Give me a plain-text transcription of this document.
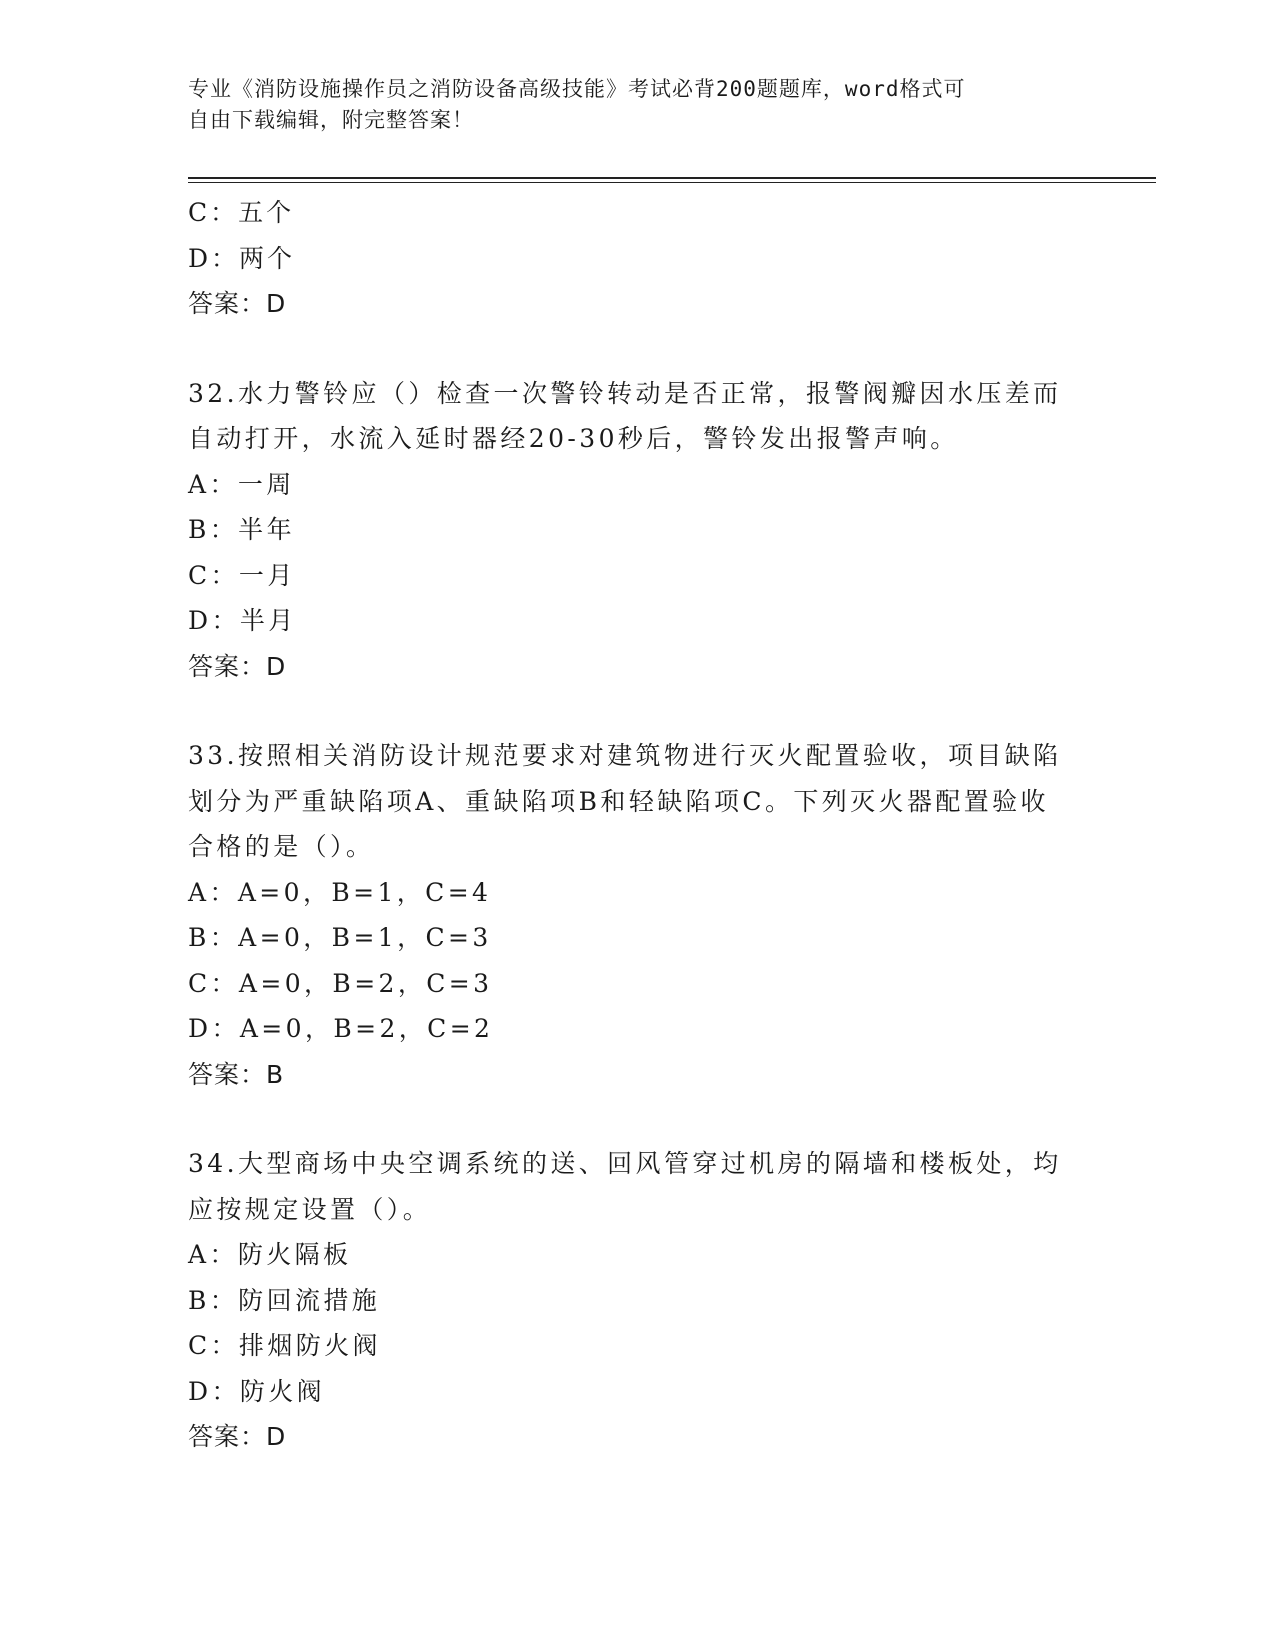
专业《消防设施操作员之消防设备高级技能》考试必背200题题库，word格式可
自由下载编辑，附完整答案！
C：五个
D：两个
答案：D
32.水力警铃应（）检查一次警铃转动是否正常，报警阀瓣因水压差而
自动打开，水流入延时器经20-30秒后，警铃发出报警声响。
A：一周
B：半年
C：一月
D：半月
答案：D
33.按照相关消防设计规范要求对建筑物进行灭火配置验收，项目缺陷
划分为严重缺陷项A、重缺陷项B和轻缺陷项C。下列灭火器配置验收
合格的是（）。
A：A=0，B=1，C=4
B：A=0，B=1，C=3
C：A=0，B=2，C=3
D：A=0，B=2，C=2
答案：B
34.大型商场中央空调系统的送、回风管穿过机房的隔墙和楼板处，均
应按规定设置（）。
A：防火隔板
B：防回流措施
C：排烟防火阀
D：防火阀
答案：D
